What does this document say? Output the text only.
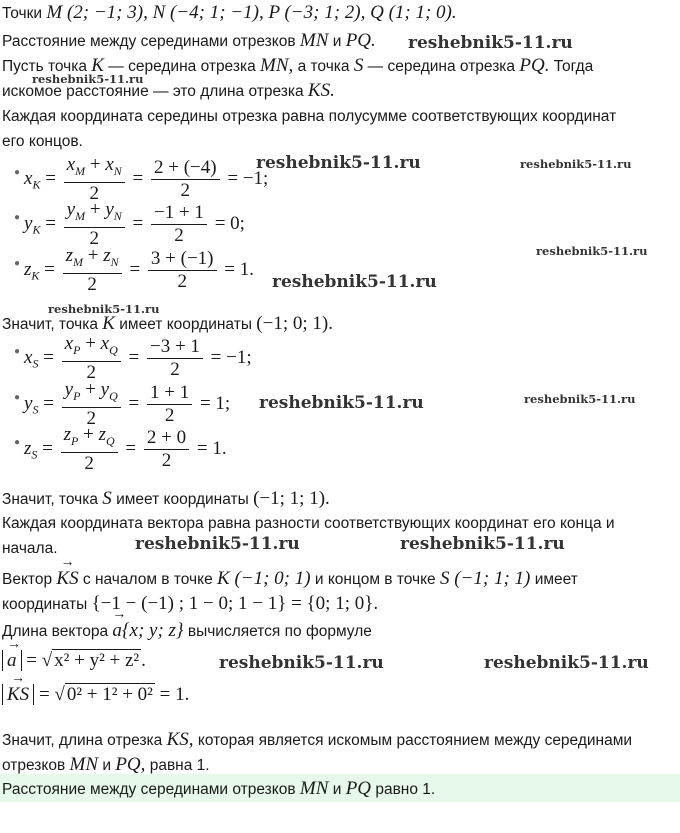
Точки M (2; −1; 3), N (−4; 1; −1), P (−3; 1; 2), Q (1; 1; 0).
Расстояние между серединами отрезков MN и PQ.
Пусть точка K — середина отрезка MN, а точка S — середина отрезка PQ. Тогда
искомое расстояние — это длина отрезка KS.
Каждая координата середины отрезка равна полусумме соответствующих координат
его концов.
● $x_K = \frac{x_M + x_N}{2} = \frac{2 + (-4)}{2} = -1$;
● $y_K = \frac{y_M + y_N}{2} = \frac{-1 + 1}{2} = 0$;
● $z_K = \frac{z_M + z_N}{2} = \frac{3 + (-1)}{2} = 1$.
Значит, точка K имеет координаты (−1; 0; 1).
● $x_S = \frac{x_P + x_Q}{2} = \frac{-3 + 1}{2} = -1$;
● $y_S = \frac{y_P + y_Q}{2} = \frac{1 + 1}{2} = 1$;
● $z_S = \frac{z_P + z_Q}{2} = \frac{2 + 0}{2} = 1$.
Значит, точка S имеет координаты (−1; 1; 1).
Каждая координата вектора равна разности соответствующих координат его конца и
начала.
Вектор → KS с началом в точке K (−1; 0; 1) и концом в точке S (−1; 1; 1) имеет
координаты {−1 − (−1) ; 1 − 0; 1 − 1} = {0; 1; 0}.
Длина вектора → a{x; y; z} вычисляется по формуле
→ a = √ x² + y² + z² .
→ KS = √ 0² + 1² + 0² = 1.
Значит, длина отрезка KS, которая является искомым расстоянием между серединами
отрезков MN и PQ, равна 1.
Расстояние между серединами отрезков MN и PQ равно 1.
reshebnik5-11.ru
reshebnik5-11.ru
reshebnik5-11.ru	reshebnik5-11.ru
reshebnik5-11.ru
reshebnik5-11.ru
reshebnik5-11.ru
reshebnik5-11.ru	reshebnik5-11.ru
reshebnik5-11.ru	reshebnik5-11.ru
reshebnik5-11.ru	reshebnik5-11.ru
